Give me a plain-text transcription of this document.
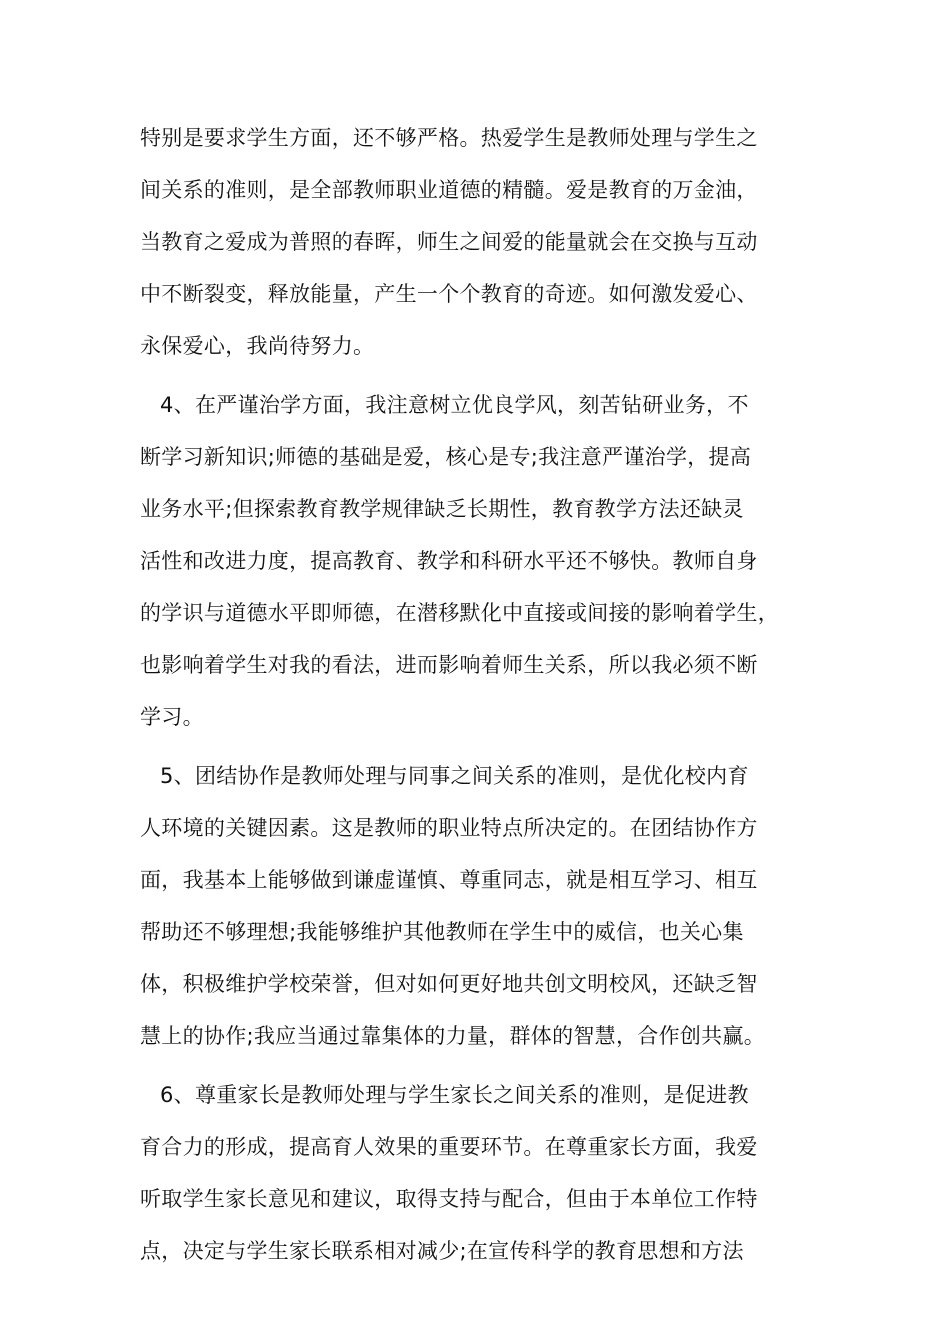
特别是要求学生方面，还不够严格。热爱学生是教师处理与学生之
间关系的准则，是全部教师职业道德的精髓。爱是教育的万金油，
当教育之爱成为普照的春晖，师生之间爱的能量就会在交换与互动
中不断裂变，释放能量，产生一个个教育的奇迹。如何激发爱心、
永保爱心，我尚待努力。
4、在严谨治学方面，我注意树立优良学风，刻苦钻研业务，不
断学习新知识;师德的基础是爱，核心是专;我注意严谨治学，提高
业务水平;但探索教育教学规律缺乏长期性，教育教学方法还缺灵
活性和改进力度，提高教育、教学和科研水平还不够快。教师自身
的学识与道德水平即师德，在潜移默化中直接或间接的影响着学生，
也影响着学生对我的看法，进而影响着师生关系，所以我必须不断
学习。
5、团结协作是教师处理与同事之间关系的准则，是优化校内育
人环境的关键因素。这是教师的职业特点所决定的。在团结协作方
面，我基本上能够做到谦虚谨慎、尊重同志，就是相互学习、相互
帮助还不够理想;我能够维护其他教师在学生中的威信，也关心集
体，积极维护学校荣誉，但对如何更好地共创文明校风，还缺乏智
慧上的协作;我应当通过靠集体的力量，群体的智慧，合作创共赢。
6、尊重家长是教师处理与学生家长之间关系的准则，是促进教
育合力的形成，提高育人效果的重要环节。在尊重家长方面，我爱
听取学生家长意见和建议，取得支持与配合，但由于本单位工作特
点，决定与学生家长联系相对减少;在宣传科学的教育思想和方法
